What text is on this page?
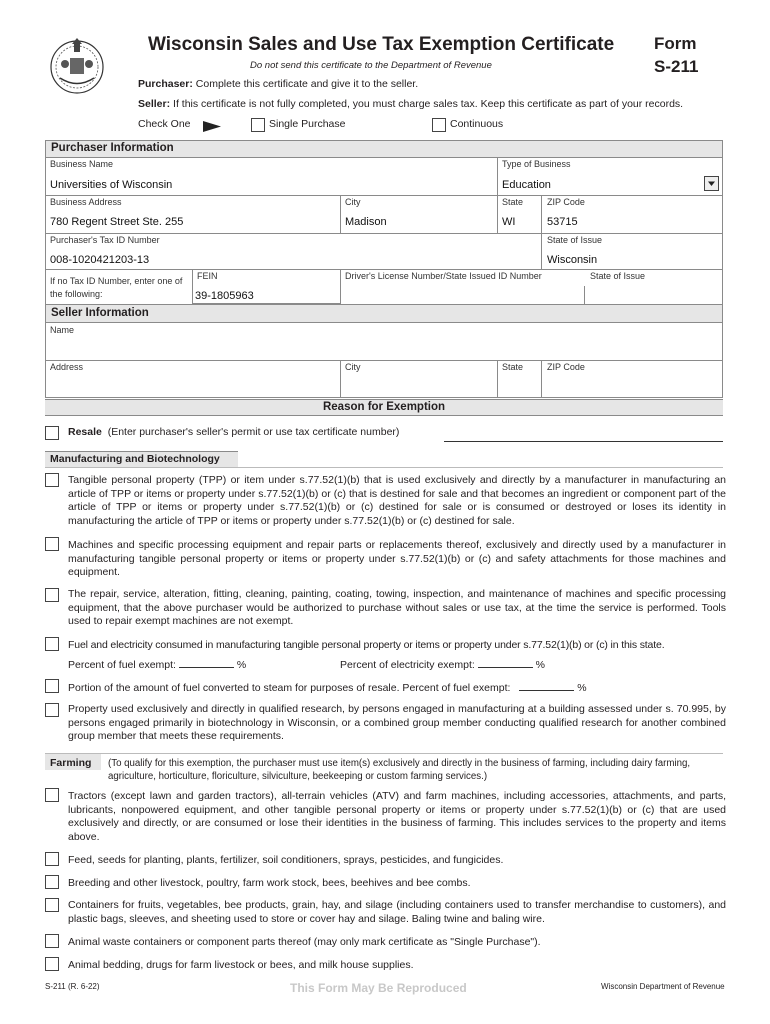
Wisconsin Sales and Use Tax Exemption Certificate
Do not send this certificate to the Department of Revenue
Form
S-211
Purchaser: Complete this certificate and give it to the seller.
Seller: If this certificate is not fully completed, you must charge sales tax. Keep this certificate as part of your records.
Check One	Single Purchase	Continuous
Purchaser Information
Business Name
Universities of Wisconsin
Type of Business
Education
Business Address
780 Regent Street Ste. 255
City
Madison
State
WI
ZIP Code
53715
Purchaser's Tax ID Number
008-1020421203-13
State of Issue
Wisconsin
If no Tax ID Number, enter one of the following:
FEIN
39-1805963
Driver's License Number/State Issued ID Number	State of Issue
Seller Information
Name
Address	City	State	ZIP Code
Reason for Exemption
Resale (Enter purchaser's seller's permit or use tax certificate number)
Manufacturing and Biotechnology
Tangible personal property (TPP) or item under s.77.52(1)(b) that is used exclusively and directly by a manufacturer in manufacturing an article of TPP or items or property under s.77.52(1)(b) or (c) that is destined for sale and that becomes an ingredient or component part of the article of TPP or items or property under s.77.52(1)(b) or (c) destined for sale or is consumed or destroyed or loses its identity in manufacturing the article of TPP or items or property under s.77.52(1)(b) or (c) destined for sale.
Machines and specific processing equipment and repair parts or replacements thereof, exclusively and directly used by a manufacturer in manufacturing tangible personal property or items or property under s.77.52(1)(b) or (c) and safety attachments for those machines and equipment.
The repair, service, alteration, fitting, cleaning, painting, coating, towing, inspection, and maintenance of machines and specific processing equipment, that the above purchaser would be authorized to purchase without sales or use tax, at the time the service is performed. Tools used to repair exempt machines are not exempt.
Fuel and electricity consumed in manufacturing tangible personal property or items or property under s.77.52(1)(b) or (c) in this state.
Percent of fuel exempt:	%	Percent of electricity exempt:	%
Portion of the amount of fuel converted to steam for purposes of resale. Percent of fuel exempt:	%
Property used exclusively and directly in qualified research, by persons engaged in manufacturing at a building assessed under s. 70.995, by persons engaged primarily in biotechnology in Wisconsin, or a combined group member conducting qualified research for another combined group member that meets these requirements.
Farming (To qualify for this exemption, the purchaser must use item(s) exclusively and directly in the business of farming, including dairy farming, agriculture, horticulture, floriculture, silviculture, beekeeping or custom farming services.)
Tractors (except lawn and garden tractors), all-terrain vehicles (ATV) and farm machines, including accessories, attachments, and parts, lubricants, nonpowered equipment, and other tangible personal property or items or property under s.77.52(1)(b) or (c) that are used exclusively and directly, or are consumed or lose their identities in the business of farming. This includes services to the property and items above.
Feed, seeds for planting, plants, fertilizer, soil conditioners, sprays, pesticides, and fungicides.
Breeding and other livestock, poultry, farm work stock, bees, beehives and bee combs.
Containers for fruits, vegetables, bee products, grain, hay, and silage (including containers used to transfer merchandise to customers), and plastic bags, sleeves, and sheeting used to store or cover hay and silage. Baling twine and baling wire.
Animal waste containers or component parts thereof (may only mark certificate as "Single Purchase").
Animal bedding, drugs for farm livestock or bees, and milk house supplies.
S-211 (R. 6-22)	This Form May Be Reproduced	Wisconsin Department of Revenue
